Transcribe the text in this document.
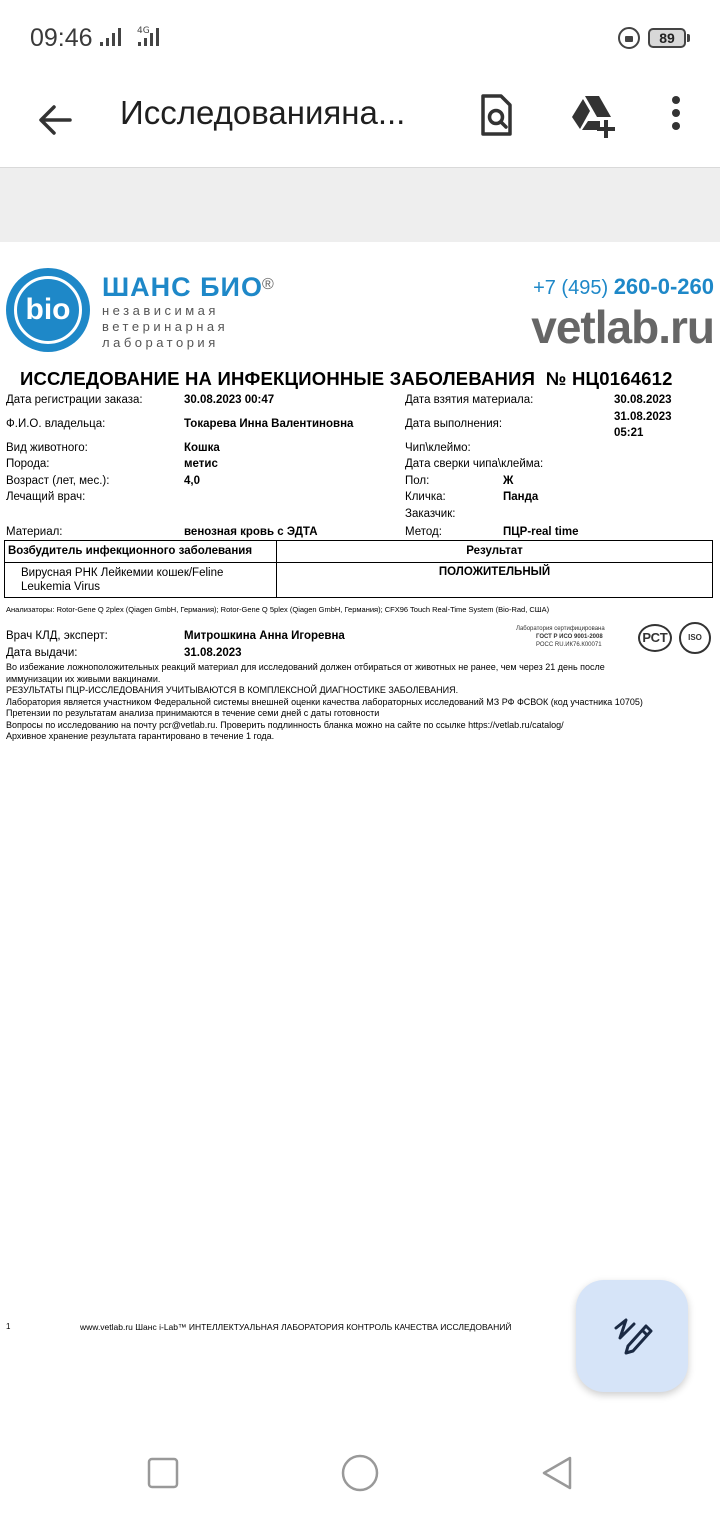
09:46	4G	89
Исследованияна...
bio
ШАНС БИО ®
независимая
ветеринарная
лаборатория
+7 (495) 260-0-260
vetlab.ru
ИССЛЕДОВАНИЕ НА ИНФЕКЦИОННЫЕ ЗАБОЛЕВАНИЯ № НЦ0164612
Дата регистрации заказа:	30.08.2023 00:47
Ф.И.О. владельца:	Токарева Инна Валентиновна
Вид животного:	Кошка
Порода:	метис
Возраст (лет, мес.):	4,0
Лечащий врач:
Материал:	венозная кровь с ЭДТА
Дата взятия материала:	30.08.2023
Дата выполнения:
31.08.2023
05:21
Чип\клеймо:
Дата сверки чипа\клейма:
Пол:	Ж
Кличка:	Панда
Заказчик:
Метод:	ПЦР-real time
Возбудитель инфекционного заболевания	Результат
Вирусная РНК Лейкемии кошек/Feline
Leukemia Virus
ПОЛОЖИТЕЛЬНЫЙ
Анализаторы: Rotor-Gene Q 2plex (Qiagen GmbH, Германия); Rotor-Gene Q 5plex (Qiagen GmbH, Германия); CFX96 Touch Real-Time System (Bio-Rad, США)
Врач КЛД, эксперт:	Митрошкина Анна Игоревна
Дата выдачи:	31.08.2023
Лаборатория сертифицирована
ГОСТ Р ИСО 9001-2008
РОСС RU.ИК76.К00071	РСТ	ISO
Во избежание ложноположительных реакций материал для исследований должен отбираться от животных не ранее, чем через 21 день после
иммунизации их живыми вакцинами.
РЕЗУЛЬТАТЫ ПЦР-ИССЛЕДОВАНИЯ УЧИТЫВАЮТСЯ В КОМПЛЕКСНОЙ ДИАГНОСТИКЕ ЗАБОЛЕВАНИЯ.
Лаборатория является участником Федеральной системы внешней оценки качества лабораторных исследований МЗ РФ ФСВОК (код участника 10705)
Претензии по результатам анализа принимаются в течение семи дней с даты готовности
Вопросы по исследованию на почту pcr@vetlab.ru. Проверить подлинность бланка можно на сайте по ссылке https://vetlab.ru/catalog/
Архивное хранение результата гарантировано в течение 1 года.
1	www.vetlab.ru Шанс i-Lab™ ИНТЕЛЛЕКТУАЛЬНАЯ ЛАБОРАТОРИЯ КОНТРОЛЬ КАЧЕСТВА ИССЛЕДОВАНИЙ
